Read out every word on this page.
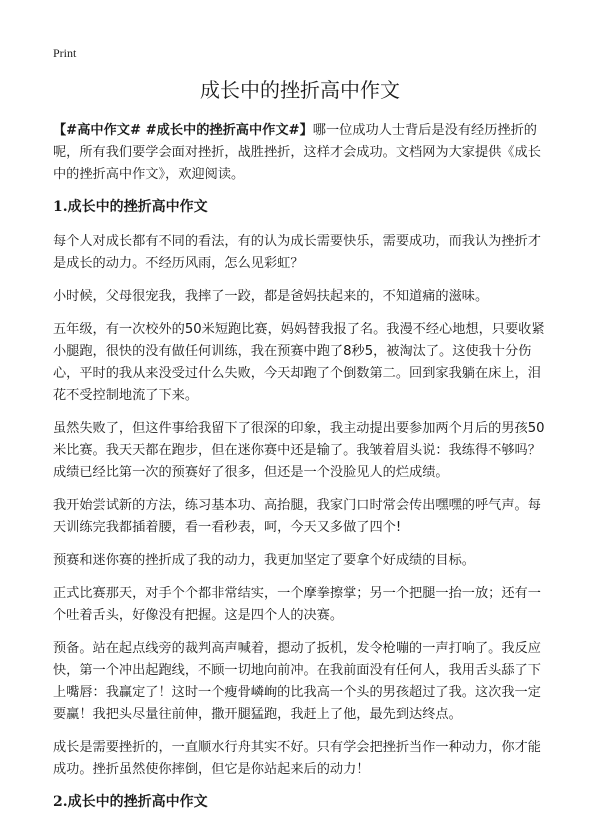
Print
成长中的挫折高中作文

【#高中作文# #成长中的挫折高中作文#】哪一位成功人士背后是没有经历挫折的呢，所有我们要学会面对挫折，战胜挫折，这样才会成功。文档网为大家提供《成长中的挫折高中作文》，欢迎阅读。

1.成长中的挫折高中作文

每个人对成长都有不同的看法，有的认为成长需要快乐，需要成功，而我认为挫折才是成长的动力。不经历风雨，怎么见彩虹？

小时候，父母很宠我，我摔了一跤，都是爸妈扶起来的，不知道痛的滋味。

五年级，有一次校外的50米短跑比赛，妈妈替我报了名。我漫不经心地想，只要收紧小腿跑，很快的没有做任何训练，我在预赛中跑了8秒5，被淘汰了。这使我十分伤心，平时的我从来没受过什么失败，今天却跑了个倒数第二。回到家我躺在床上，泪花不受控制地流了下来。

虽然失败了，但这件事给我留下了很深的印象，我主动提出要参加两个月后的男孩50米比赛。我天天都在跑步，但在迷你赛中还是输了。我皱着眉头说：我练得不够吗？成绩已经比第一次的预赛好了很多，但还是一个没脸见人的烂成绩。

我开始尝试新的方法，练习基本功、高抬腿，我家门口时常会传出嘿嘿的呼气声。每天训练完我都插着腰，看一看秒表，呵，今天又多做了四个!

预赛和迷你赛的挫折成了我的动力，我更加坚定了要拿个好成绩的目标。

正式比赛那天，对手个个都非常结实，一个摩拳擦掌；另一个把腿一抬一放；还有一个吐着舌头，好像没有把握。这是四个人的决赛。

预备。站在起点线旁的裁判高声喊着，摁动了扳机，发令枪嘣的一声打响了。我反应快，第一个冲出起跑线，不顾一切地向前冲。在我前面没有任何人，我用舌头舔了下上嘴唇：我赢定了！这时一个瘦骨嶙峋的比我高一个头的男孩超过了我。这次我一定要赢！我把头尽量往前伸，撒开腿猛跑，我赶上了他，最先到达终点。

成长是需要挫折的，一直顺水行舟其实不好。只有学会把挫折当作一种动力，你才能成功。挫折虽然使你摔倒，但它是你站起来后的动力！

2.成长中的挫折高中作文
